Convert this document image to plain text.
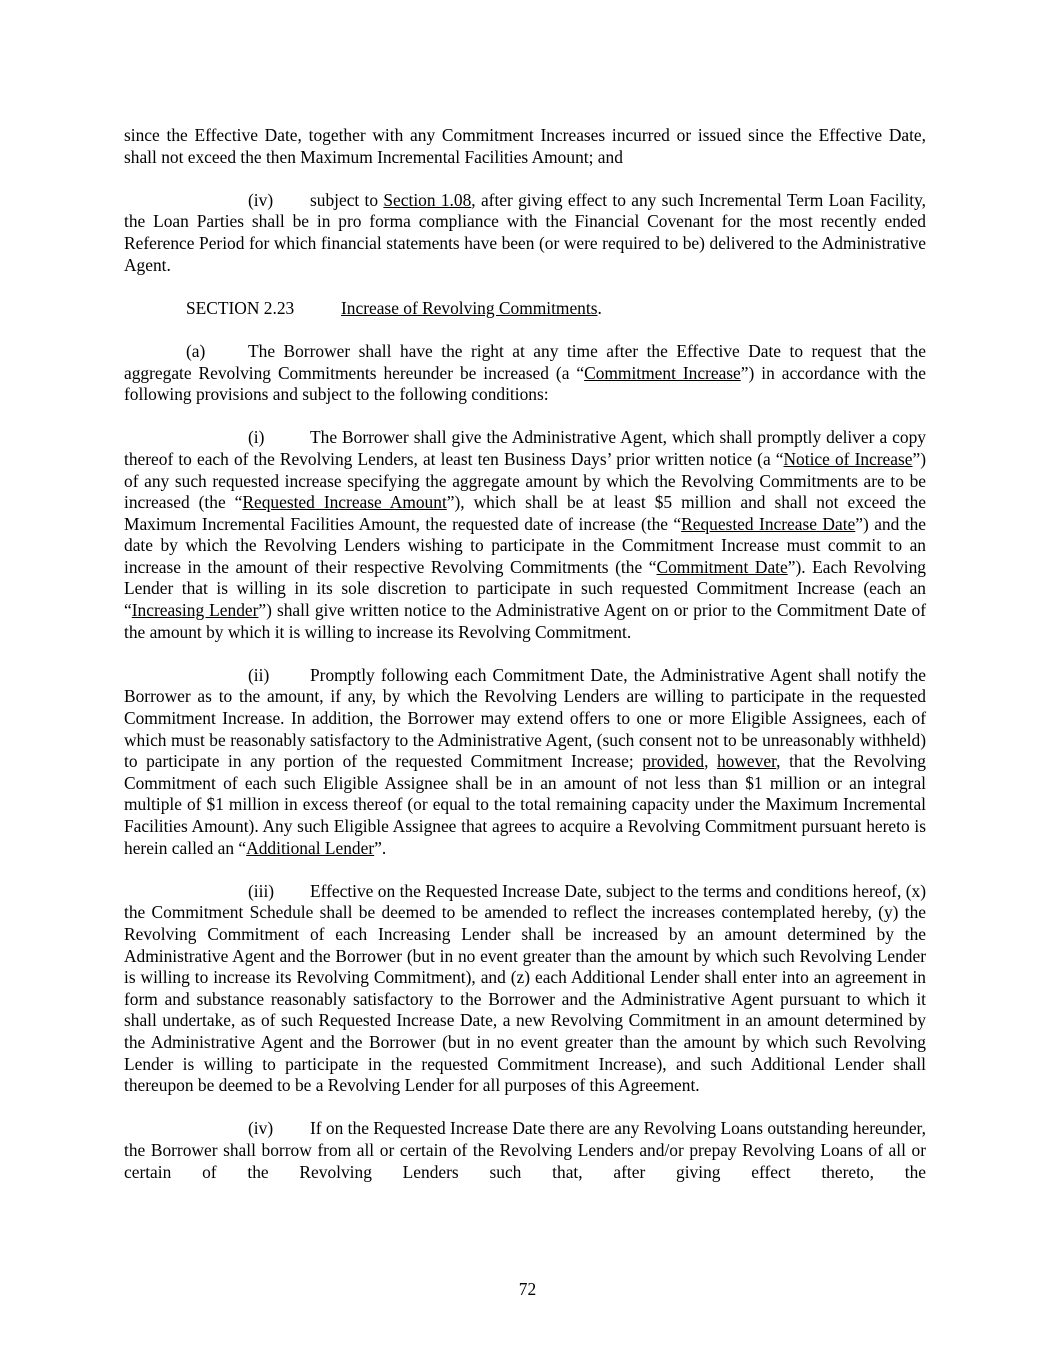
since the Effective Date, together with any Commitment Increases incurred or issued since the Effective Date, shall not exceed the then Maximum Incremental Facilities Amount; and

(iv) subject to Section 1.08, after giving effect to any such Incremental Term Loan Facility, the Loan Parties shall be in pro forma compliance with the Financial Covenant for the most recently ended Reference Period for which financial statements have been (or were required to be) delivered to the Administrative Agent.

SECTION 2.23	Increase of Revolving Commitments.

(a) The Borrower shall have the right at any time after the Effective Date to request that the aggregate Revolving Commitments hereunder be increased (a “Commitment Increase”) in accordance with the following provisions and subject to the following conditions:

(i)	The Borrower shall give the Administrative Agent, which shall promptly deliver a copy thereof to each of the Revolving Lenders, at least ten Business Days’ prior written notice (a “Notice of Increase”) of any such requested increase specifying the aggregate amount by which the Revolving Commitments are to be increased (the “Requested Increase Amount”), which shall be at least $5 million and shall not exceed the Maximum Incremental Facilities Amount, the requested date of increase (the “Requested Increase Date”) and the date by which the Revolving Lenders wishing to participate in the Commitment Increase must commit to an increase in the amount of their respective Revolving Commitments (the “Commitment Date”). Each Revolving Lender that is willing in its sole discretion to participate in such requested Commitment Increase (each an “Increasing Lender”) shall give written notice to the Administrative Agent on or prior to the Commitment Date of the amount by which it is willing to increase its Revolving Commitment.

(ii) Promptly following each Commitment Date, the Administrative Agent shall notify the Borrower as to the amount, if any, by which the Revolving Lenders are willing to participate in the requested Commitment Increase. In addition, the Borrower may extend offers to one or more Eligible Assignees, each of which must be reasonably satisfactory to the Administrative Agent, (such consent not to be unreasonably withheld) to participate in any portion of the requested Commitment Increase; provided, however, that the Revolving Commitment of each such Eligible Assignee shall be in an amount of not less than $1 million or an integral multiple of $1 million in excess thereof (or equal to the total remaining capacity under the Maximum Incremental Facilities Amount). Any such Eligible Assignee that agrees to acquire a Revolving Commitment pursuant hereto is herein called an “Additional Lender”.

(iii) Effective on the Requested Increase Date, subject to the terms and conditions hereof, (x) the Commitment Schedule shall be deemed to be amended to reflect the increases contemplated hereby, (y) the Revolving Commitment of each Increasing Lender shall be increased by an amount determined by the Administrative Agent and the Borrower (but in no event greater than the amount by which such Revolving Lender is willing to increase its Revolving Commitment), and (z) each Additional Lender shall enter into an agreement in form and substance reasonably satisfactory to the Borrower and the Administrative Agent pursuant to which it shall undertake, as of such Requested Increase Date, a new Revolving Commitment in an amount determined by the Administrative Agent and the Borrower (but in no event greater than the amount by which such Revolving Lender is willing to participate in the requested Commitment Increase), and such Additional Lender shall thereupon be deemed to be a Revolving Lender for all purposes of this Agreement.

(iv) If on the Requested Increase Date there are any Revolving Loans outstanding hereunder, the Borrower shall borrow from all or certain of the Revolving Lenders and/or prepay Revolving Loans of all or certain of the Revolving Lenders such that, after giving effect thereto, the

72
